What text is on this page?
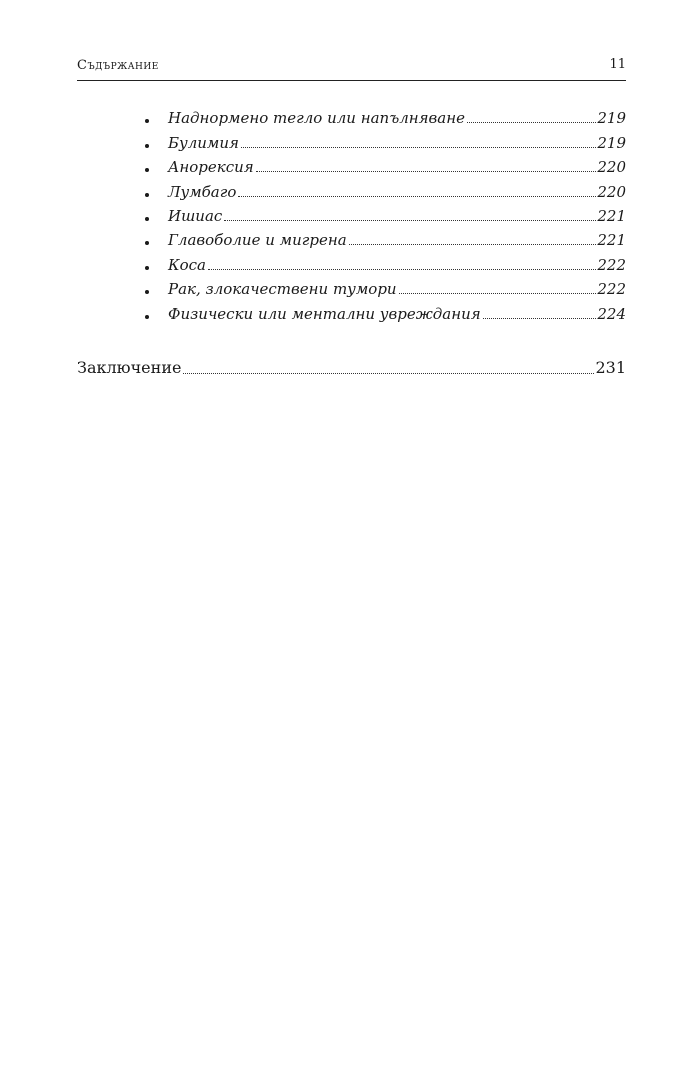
Съдържание	11
Наднормено тегло или напълняване	219
Булимия	219
Анорексия	220
Лумбаго	220
Ишиас	221
Главоболие и мигрена	221
Коса	222
Рак, злокачествени тумори	222
Физически или ментални увреждания	224
Заключение	231
